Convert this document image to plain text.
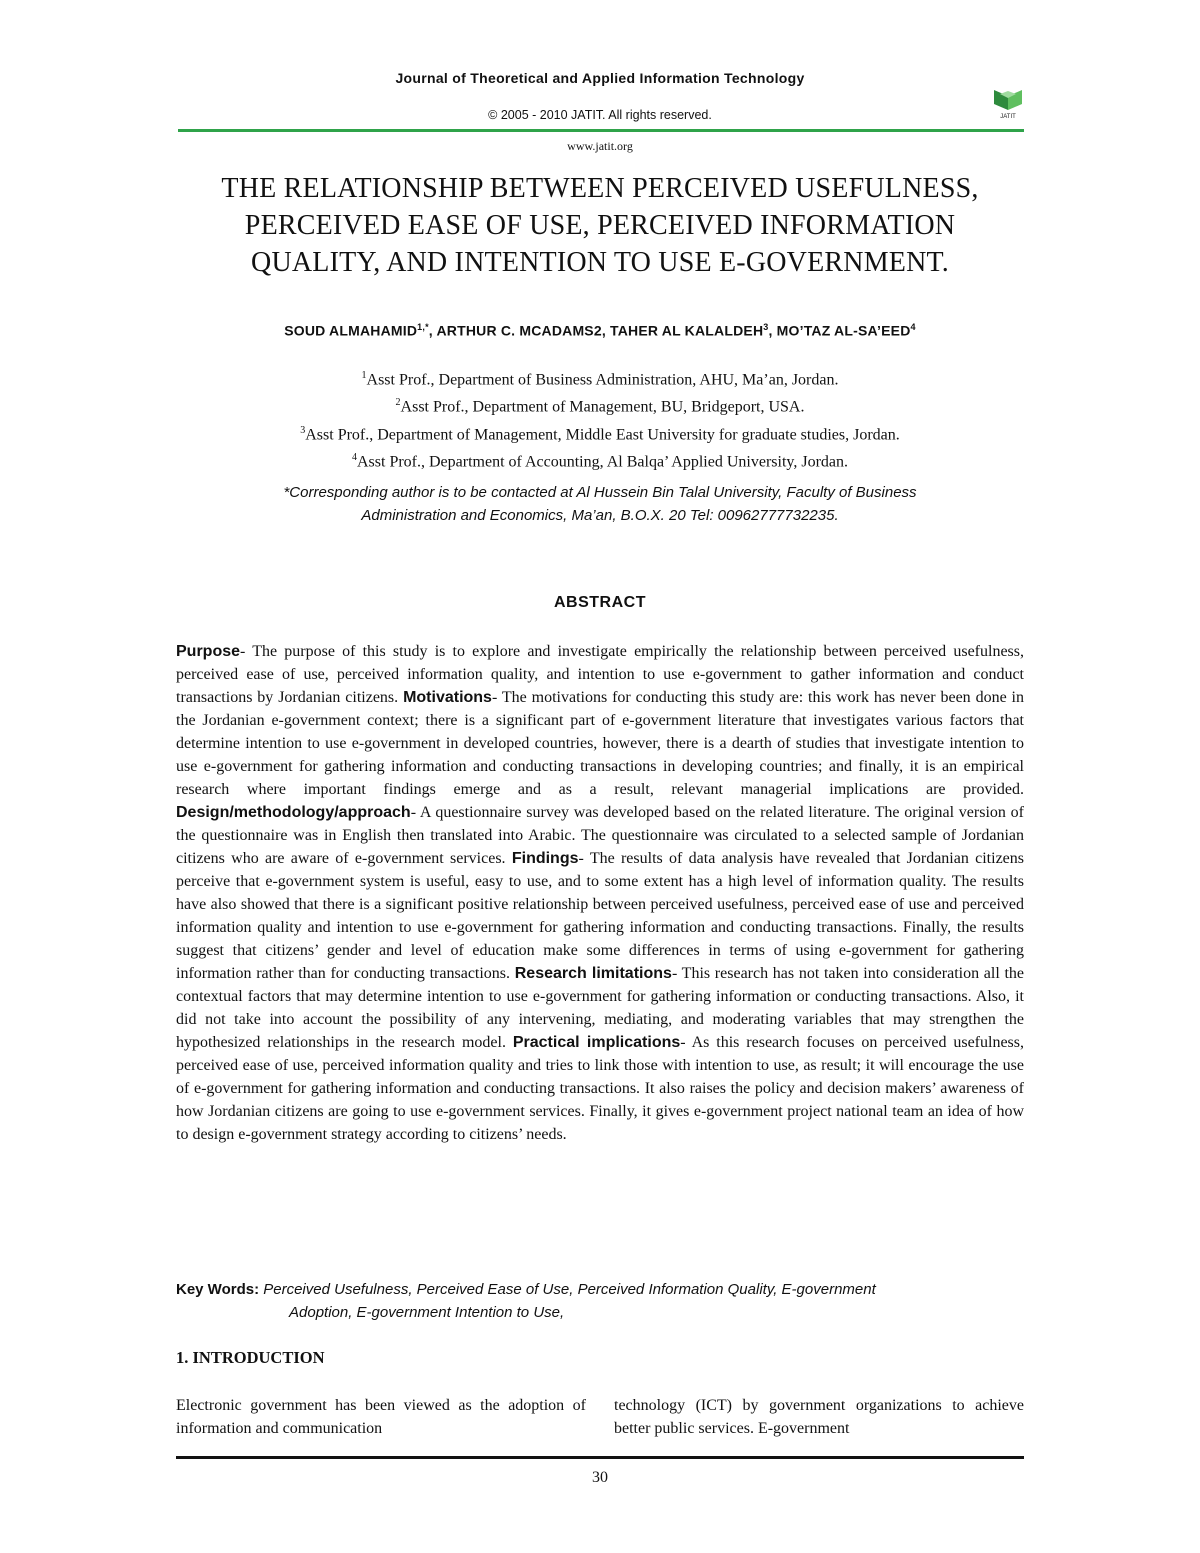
Journal of Theoretical and Applied Information Technology
© 2005 - 2010 JATIT. All rights reserved.	JATIT
www.jatit.org
THE RELATIONSHIP BETWEEN PERCEIVED USEFULNESS,
PERCEIVED EASE OF USE, PERCEIVED INFORMATION
QUALITY, AND INTENTION TO USE E-GOVERNMENT.
SOUD $ALMAHAMID^{1,*}$, ARTHUR C. MCADAMS2, TAHER AL KALALDEH$^3$, MO’TAZ AL-SA’EED$^4$
$^1$Asst Prof., Department of Business Administration, AHU, Ma’an, Jordan.
$^2$Asst Prof., Department of Management, BU, Bridgeport, USA.
$^3$Asst Prof., Department of Management, Middle East University for graduate studies, Jordan.
$^4$Asst Prof., Department of Accounting, Al Balqa’ Applied University, Jordan.
*Corresponding author is to be contacted at Al Hussein Bin Talal University, Faculty of Business
Administration and Economics, Ma’an, B.O.X. 20 Tel: 00962777732235.
ABSTRACT
Purpose- The purpose of this study is to explore and investigate empirically the relationship between perceived usefulness, perceived ease of use, perceived information quality, and intention to use e-government to gather information and conduct transactions by Jordanian citizens. Motivations- The motivations for conducting this study are: this work has never been done in the Jordanian e-government context; there is a significant part of e-government literature that investigates various factors that determine intention to use e-government in developed countries, however, there is a dearth of studies that investigate intention to use e-government for gathering information and conducting transactions in developing countries; and finally, it is an empirical research where important findings emerge and as a result, relevant managerial implications are provided. Design/methodology/approach- A questionnaire survey was developed based on the related literature. The original version of the questionnaire was in English then translated into Arabic. The questionnaire was circulated to a selected sample of Jordanian citizens who are aware of e-government services. Findings- The results of data analysis have revealed that Jordanian citizens perceive that e-government system is useful, easy to use, and to some extent has a high level of information quality. The results have also showed that there is a significant positive relationship between perceived usefulness, perceived ease of use and perceived information quality and intention to use e-government for gathering information and conducting transactions. Finally, the results suggest that citizens’ gender and level of education make some differences in terms of using e-government for gathering information rather than for conducting transactions. Research limitations- This research has not taken into consideration all the contextual factors that may determine intention to use e-government for gathering information or conducting transactions. Also, it did not take into account the possibility of any intervening, mediating, and moderating variables that may strengthen the hypothesized relationships in the research model. Practical implications- As this research focuses on perceived usefulness, perceived ease of use, perceived information quality and tries to link those with intention to use, as result; it will encourage the use of e-government for gathering information and conducting transactions. It also raises the policy and decision makers’ awareness of how Jordanian citizens are going to use e-government services. Finally, it gives e-government project national team an idea of how to design e-government strategy according to citizens’ needs.
Key Words: Perceived Usefulness, Perceived Ease of Use, Perceived Information Quality, E-government
Adoption, E-government Intention to Use,
1. INTRODUCTION
Electronic government has been viewed as the adoption of information and communication
technology (ICT) by government organizations to achieve better public services. E-government
30
